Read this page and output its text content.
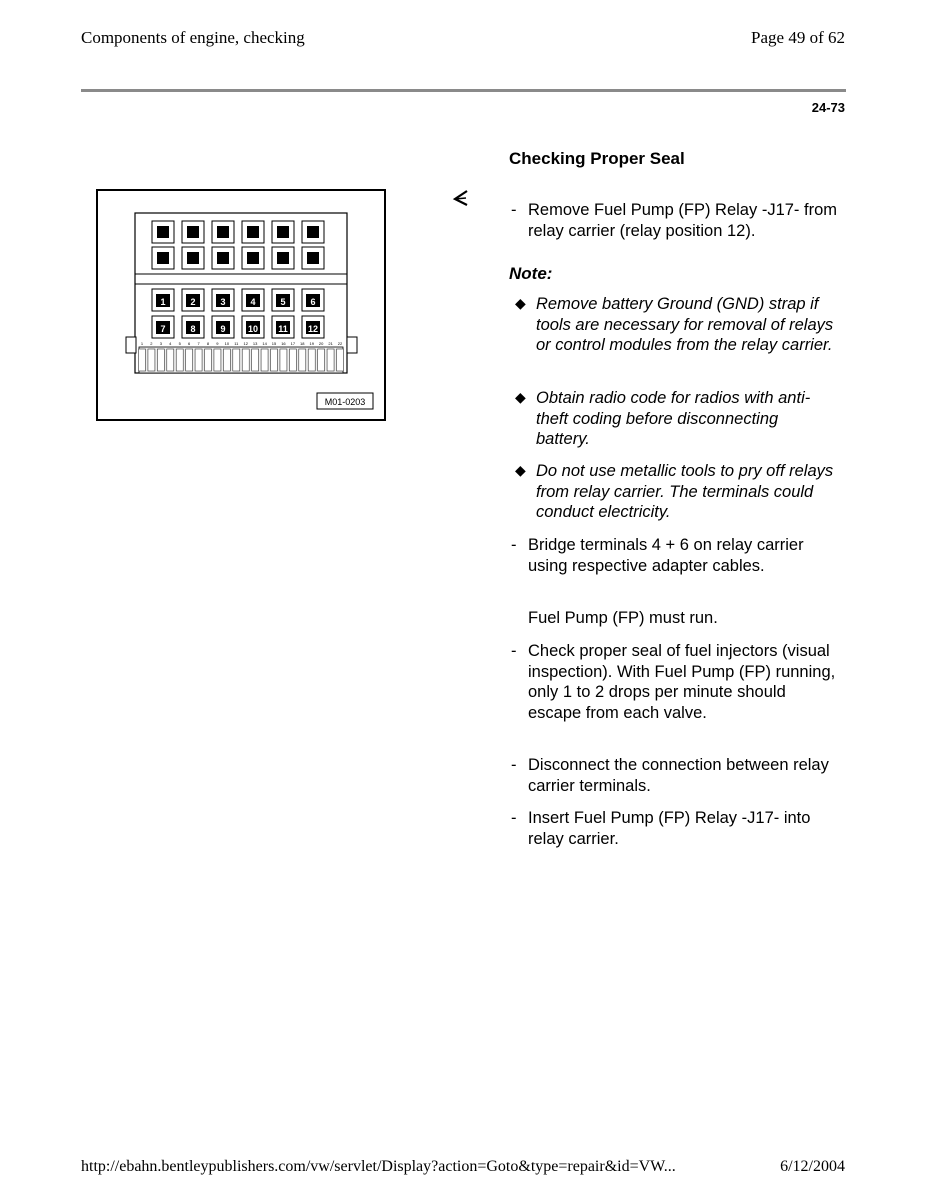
Components of engine, checking	Page 49 of 62
24-73
Checking Proper Seal
1	2	3	4	5	6
7	8	9 10 11 12
1 2 3 4 5 6 7 8 9 10 11 12 13 14 15 16 17 18 19 20 21 22
M01-0203
- Remove Fuel Pump (FP) Relay -J17- from relay carrier (relay position 12).
Note:
◆ Remove battery Ground (GND) strap if tools are necessary for removal of relays or control modules from the relay carrier.
◆ Obtain radio code for radios with anti-theft coding before disconnecting battery.
◆ Do not use metallic tools to pry off relays from relay carrier. The terminals could conduct electricity.
- Bridge terminals 4 + 6 on relay carrier using respective adapter cables.
Fuel Pump (FP) must run.
- Check proper seal of fuel injectors (visual inspection). With Fuel Pump (FP) running, only 1 to 2 drops per minute should escape from each valve.
- Disconnect the connection between relay carrier terminals.
- Insert Fuel Pump (FP) Relay -J17- into relay carrier.
http://ebahn.bentleypublishers.com/vw/servlet/Display?action=Goto&type=repair&id=VW...	6/12/2004
